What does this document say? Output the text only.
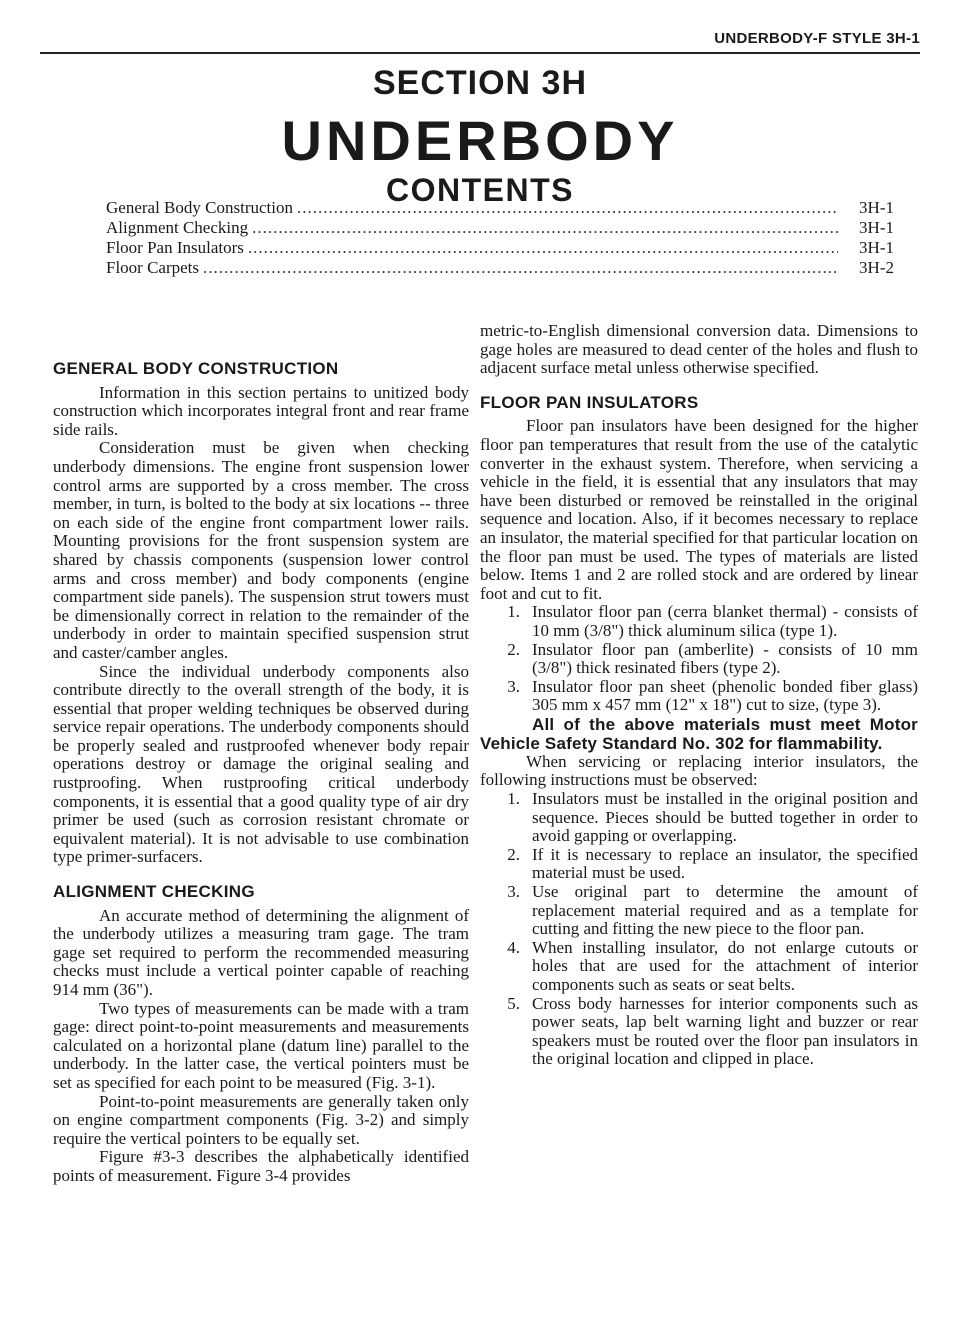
UNDERBODY-F STYLE 3H-1
SECTION 3H
UNDERBODY
CONTENTS
General Body Construction .....	3H-1
Alignment Checking .....	3H-1
Floor Pan Insulators .....	3H-1
Floor Carpets .....	3H-2
GENERAL BODY CONSTRUCTION

Information in this section pertains to unitized body construction which incorporates integral front and rear frame side rails.

Consideration must be given when checking underbody dimensions. The engine front suspension lower control arms are supported by a cross member. The cross member, in turn, is bolted to the body at six locations -- three on each side of the engine front compartment lower rails. Mounting provisions for the front suspension system are shared by chassis components (suspension lower control arms and cross member) and body components (engine compartment side panels). The suspension strut towers must be dimensionally correct in relation to the remainder of the underbody in order to maintain specified suspension strut and caster/camber angles.

Since the individual underbody components also contribute directly to the overall strength of the body, it is essential that proper welding techniques be observed during service repair operations. The underbody components should be properly sealed and rustproofed whenever body repair operations destroy or damage the original sealing and rustproofing. When rustproofing critical underbody components, it is essential that a good quality type of air dry primer be used (such as corrosion resistant chromate or equivalent material). It is not advisable to use combination type primer-surfacers.

ALIGNMENT CHECKING

An accurate method of determining the alignment of the underbody utilizes a measuring tram gage. The tram gage set required to perform the recommended measuring checks must include a vertical pointer capable of reaching 914 mm (36").

Two types of measurements can be made with a tram gage: direct point-to-point measurements and measurements calculated on a horizontal plane (datum line) parallel to the underbody. In the latter case, the vertical pointers must be set as specified for each point to be measured (Fig. 3-1).

Point-to-point measurements are generally taken only on engine compartment components (Fig. 3-2) and simply require the vertical pointers to be equally set.

Figure #3-3 describes the alphabetically identified points of measurement. Figure 3-4 provides

metric-to-English dimensional conversion data. Dimensions to gage holes are measured to dead center of the holes and flush to adjacent surface metal unless otherwise specified.

FLOOR PAN INSULATORS

Floor pan insulators have been designed for the higher floor pan temperatures that result from the use of the catalytic converter in the exhaust system. Therefore, when servicing a vehicle in the field, it is essential that any insulators that may have been disturbed or removed be reinstalled in the original sequence and location. Also, if it becomes necessary to replace an insulator, the material specified for that particular location on the floor pan must be used. The types of materials are listed below. Items 1 and 2 are rolled stock and are ordered by linear foot and cut to fit.

1. Insulator floor pan (cerra blanket thermal) - consists of 10 mm (3/8") thick aluminum silica (type 1).
2. Insulator floor pan (amberlite) - consists of 10 mm (3/8") thick resinated fibers (type 2).
3. Insulator floor pan sheet (phenolic bonded fiber glass) 305 mm x 457 mm (12" x 18") cut to size, (type 3).

All of the above materials must meet Motor Vehicle Safety Standard No. 302 for flammability.

When servicing or replacing interior insulators, the following instructions must be observed:

1. Insulators must be installed in the original position and sequence. Pieces should be butted together in order to avoid gapping or overlapping.
2. If it is necessary to replace an insulator, the specified material must be used.
3. Use original part to determine the amount of replacement material required and as a template for cutting and fitting the new piece to the floor pan.
4. When installing insulator, do not enlarge cutouts or holes that are used for the attachment of interior components such as seats or seat belts.
5. Cross body harnesses for interior components such as power seats, lap belt warning light and buzzer or rear speakers must be routed over the floor pan insulators in the original location and clipped in place.
